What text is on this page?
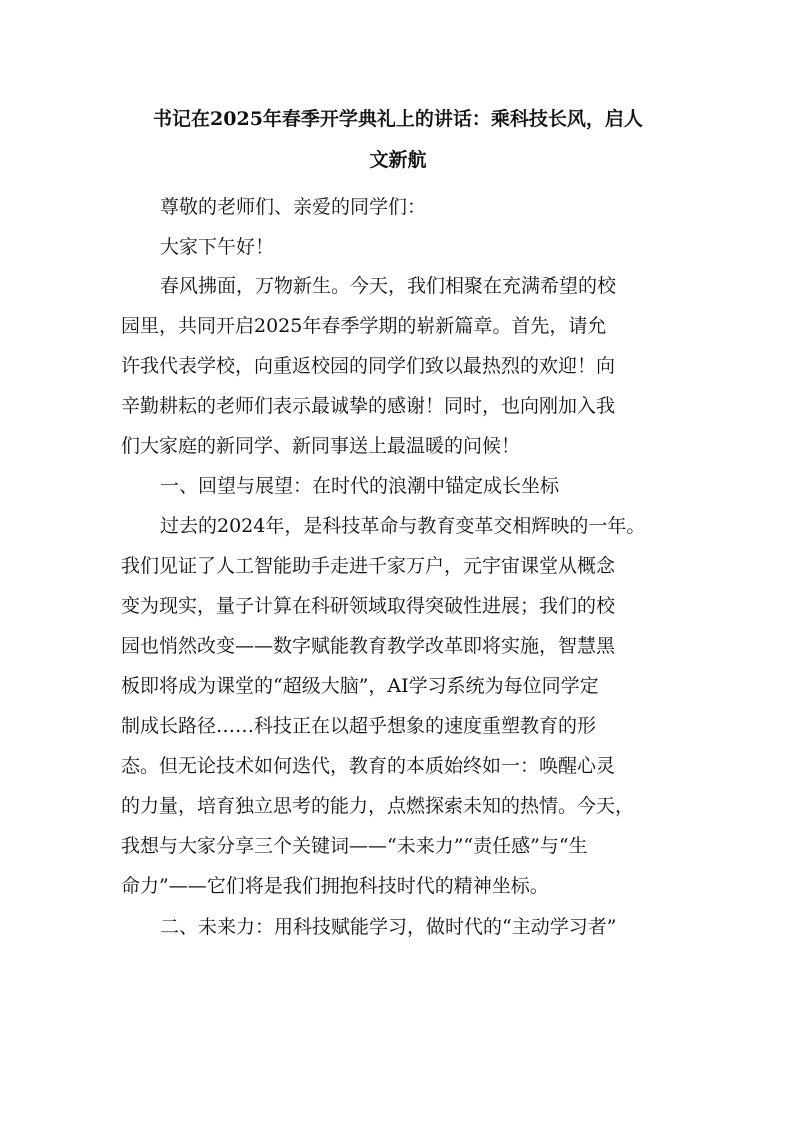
书记在2025年春季开学典礼上的讲话：乘科技长风，启人
文新航

尊敬的老师们、亲爱的同学们：

大家下午好！

春风拂面，万物新生。今天，我们相聚在充满希望的校

园里，共同开启2025年春季学期的崭新篇章。首先，请允

许我代表学校，向重返校园的同学们致以最热烈的欢迎！向

辛勤耕耘的老师们表示最诚挚的感谢！同时，也向刚加入我

们大家庭的新同学、新同事送上最温暖的问候！

一、回望与展望：在时代的浪潮中锚定成长坐标

过去的2024年，是科技革命与教育变革交相辉映的一年。

我们见证了人工智能助手走进千家万户，元宇宙课堂从概念

变为现实，量子计算在科研领域取得突破性进展；我们的校

园也悄然改变——数字赋能教育教学改革即将实施，智慧黑

板即将成为课堂的“超级大脑”，AI学习系统为每位同学定

制成长路径……科技正在以超乎想象的速度重塑教育的形

态。但无论技术如何迭代，教育的本质始终如一：唤醒心灵

的力量，培育独立思考的能力，点燃探索未知的热情。今天，

我想与大家分享三个关键词——“未来力”“责任感”与“生

命力”——它们将是我们拥抱科技时代的精神坐标。

二、未来力：用科技赋能学习，做时代的“主动学习者”
